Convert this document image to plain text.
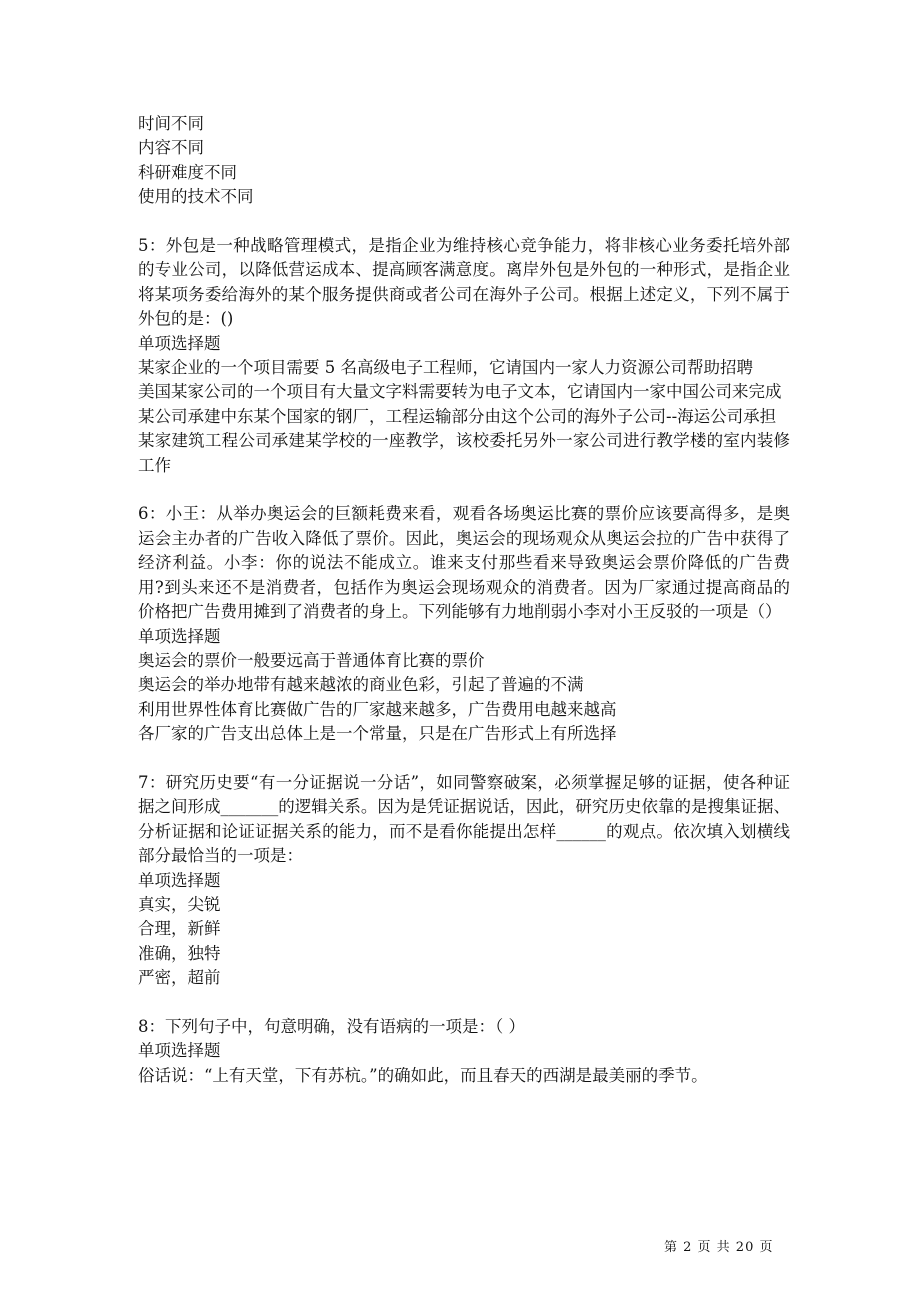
时间不同
内容不同
科研难度不同
使用的技术不同
5：外包是一种战略管理模式，是指企业为维持核心竞争能力，将非核心业务委托培外部的专业公司，以降低营运成本、提高顾客满意度。离岸外包是外包的一种形式，是指企业将某项务委给海外的某个服务提供商或者公司在海外子公司。根据上述定义，下列不属于外包的是：()
单项选择题
某家企业的一个项目需要 5 名高级电子工程师，它请国内一家人力资源公司帮助招聘
美国某家公司的一个项目有大量文字料需要转为电子文本，它请国内一家中国公司来完成
某公司承建中东某个国家的钢厂，工程运输部分由这个公司的海外子公司--海运公司承担
某家建筑工程公司承建某学校的一座教学，该校委托另外一家公司进行教学楼的室内装修工作
6：小王：从举办奥运会的巨额耗费来看，观看各场奥运比赛的票价应该要高得多，是奥运会主办者的广告收入降低了票价。因此，奥运会的现场观众从奥运会拉的广告中获得了经济利益。小李：你的说法不能成立。谁来支付那些看来导致奥运会票价降低的广告费用?到头来还不是消费者，包括作为奥运会现场观众的消费者。因为厂家通过提高商品的价格把广告费用摊到了消费者的身上。下列能够有力地削弱小李对小王反驳的一项是（）
单项选择题
奥运会的票价一般要远高于普通体育比赛的票价
奥运会的举办地带有越来越浓的商业色彩，引起了普遍的不满
利用世界性体育比赛做广告的厂家越来越多，广告费用电越来越高
各厂家的广告支出总体上是一个常量，只是在广告形式上有所选择
7：研究历史要“有一分证据说一分话”，如同警察破案，必须掌握足够的证据，使各种证据之间形成_______的逻辑关系。因为是凭证据说话，因此，研究历史依靠的是搜集证据、分析证据和论证证据关系的能力，而不是看你能提出怎样______的观点。依次填入划横线部分最恰当的一项是：
单项选择题
真实，尖锐
合理，新鲜
准确，独特
严密，超前
8：下列句子中，句意明确，没有语病的一项是：（ ）
单项选择题
俗话说：“上有天堂，下有苏杭。”的确如此，而且春天的西湖是最美丽的季节。
第 2 页 共 20 页
